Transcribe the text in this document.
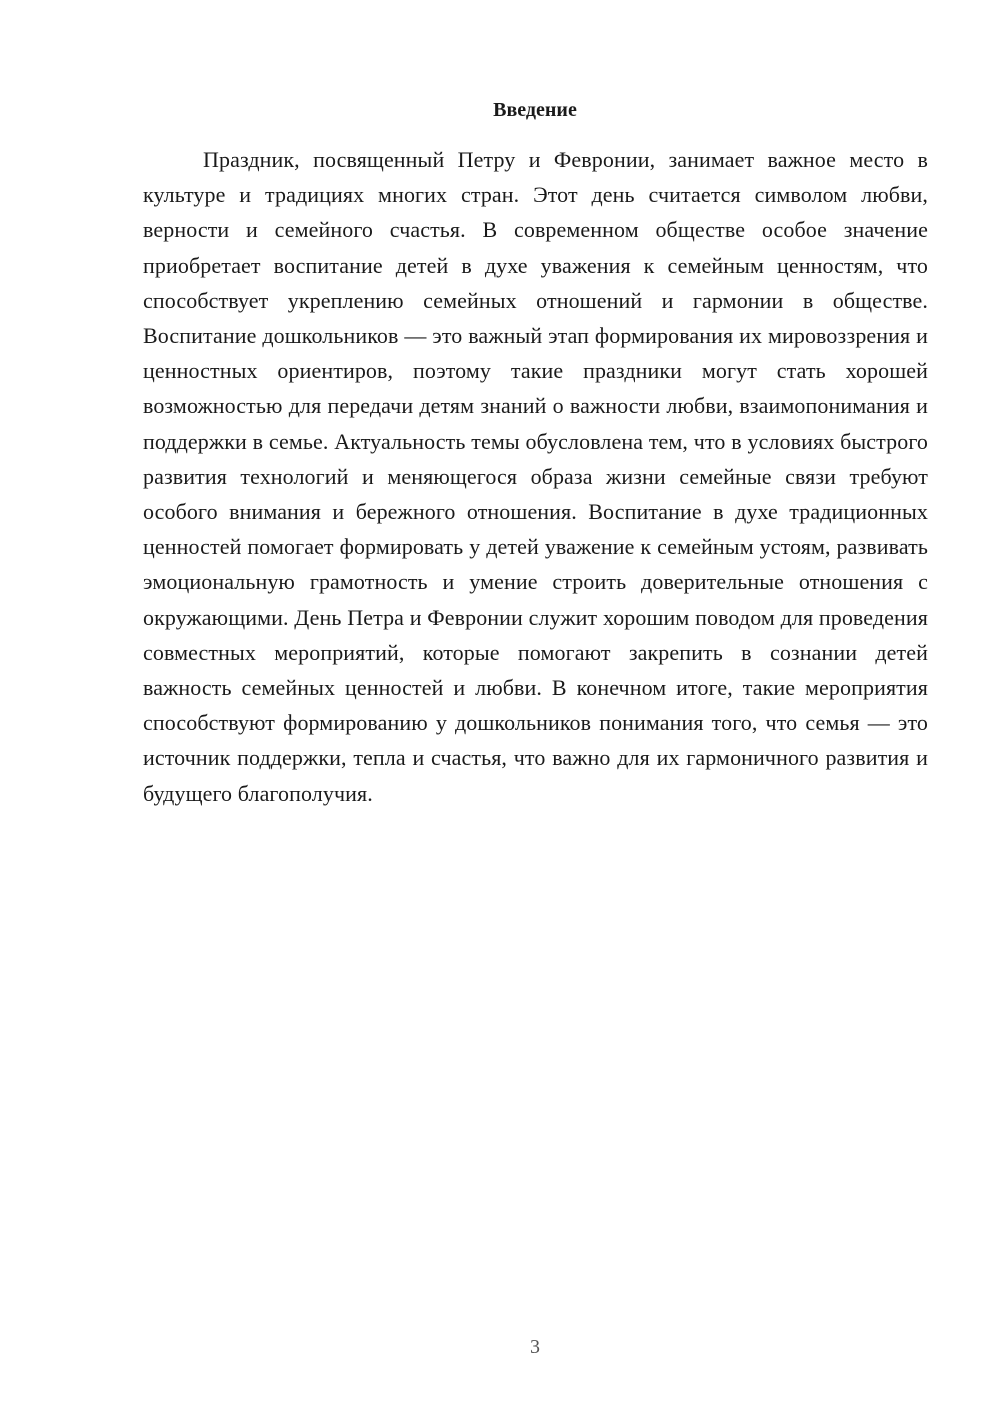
Введение

Праздник, посвященный Петру и Февронии, занимает важное место в культуре и традициях многих стран. Этот день считается символом любви, верности и семейного счастья. В современном обществе особое значение приобретает воспитание детей в духе уважения к семейным ценностям, что способствует укреплению семейных отношений и гармонии в обществе. Воспитание дошкольников — это важный этап формирования их мировоззрения и ценностных ориентиров, поэтому такие праздники могут стать хорошей возможностью для передачи детям знаний о важности любви, взаимопонимания и поддержки в семье. Актуальность темы обусловлена тем, что в условиях быстрого развития технологий и меняющегося образа жизни семейные связи требуют особого внимания и бережного отношения. Воспитание в духе традиционных ценностей помогает формировать у детей уважение к семейным устоям, развивать эмоциональную грамотность и умение строить доверительные отношения с окружающими. День Петра и Февронии служит хорошим поводом для проведения совместных мероприятий, которые помогают закрепить в сознании детей важность семейных ценностей и любви. В конечном итоге, такие мероприятия способствуют формированию у дошкольников понимания того, что семья — это источник поддержки, тепла и счастья, что важно для их гармоничного развития и будущего благополучия.

3
